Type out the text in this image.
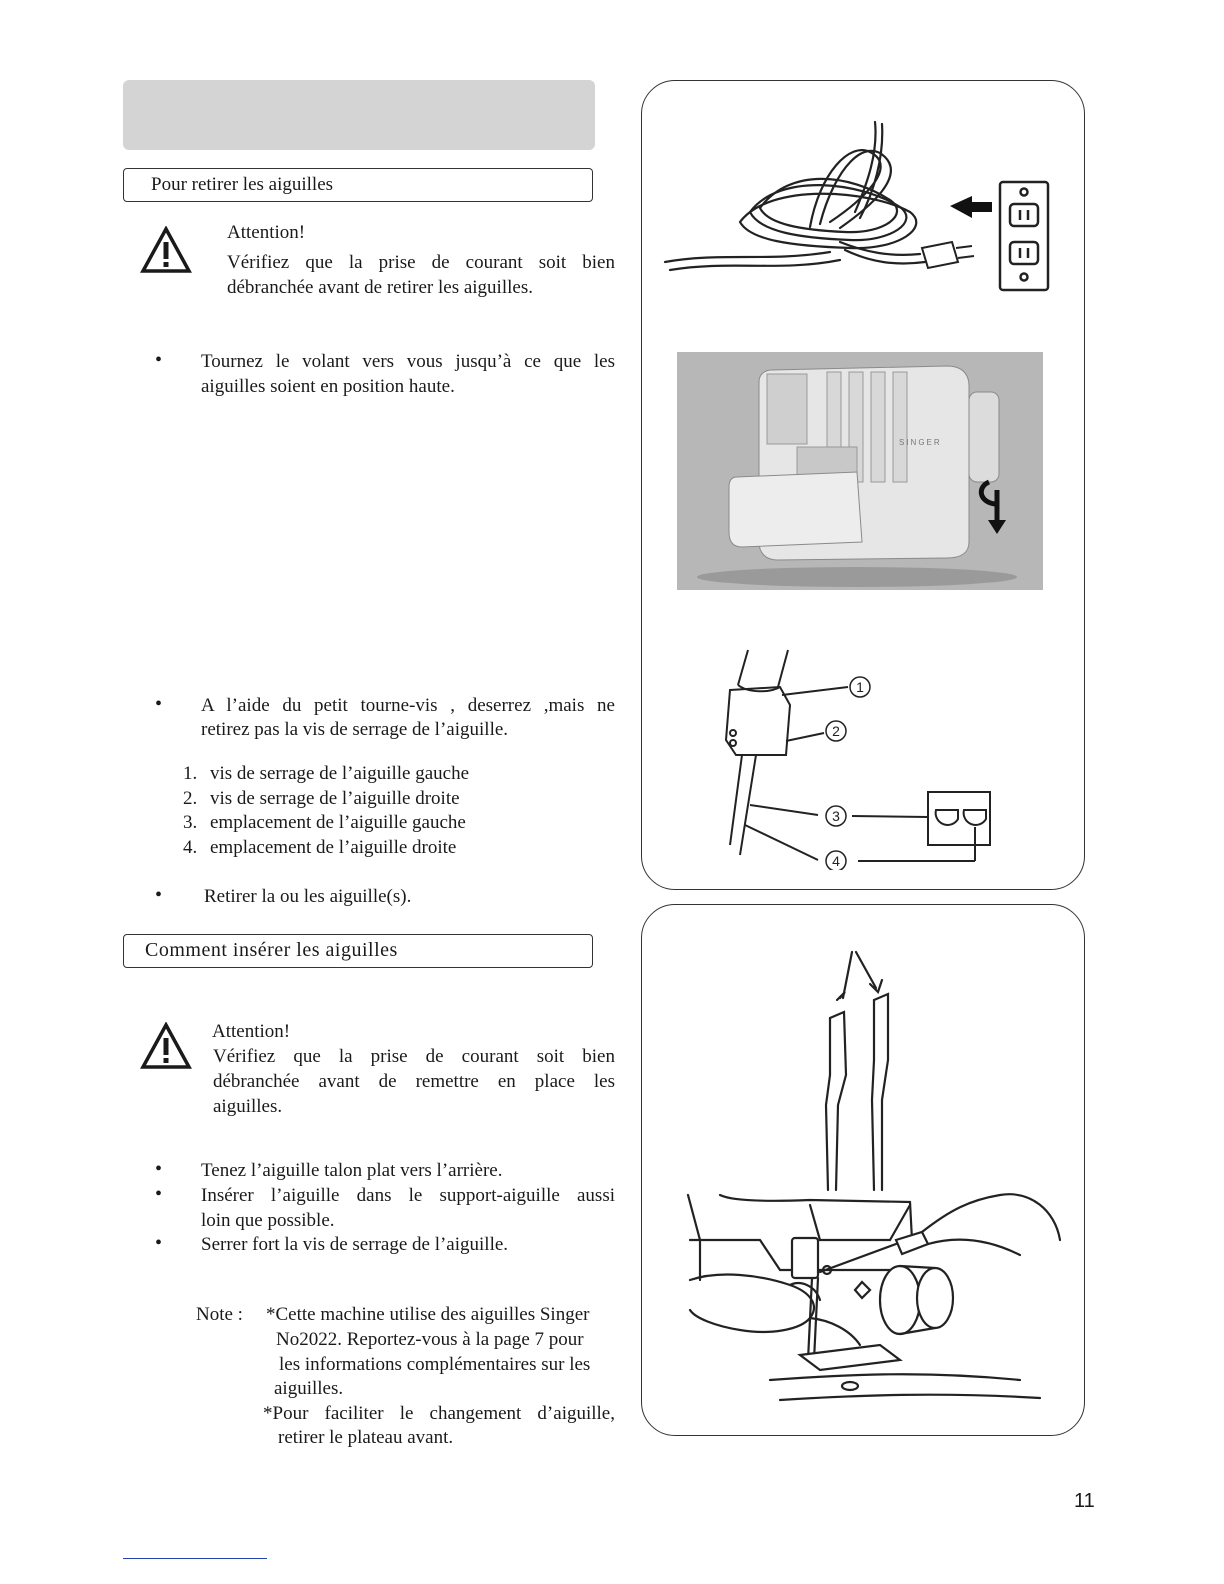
Pour retirer les aiguilles
Attention!
Vérifiez que la prise de courant soit bien
débranchée avant de retirer les aiguilles.
• Tournez le volant vers vous jusqu’à ce que les
aiguilles soient en position haute.
• A l’aide du petit tourne-vis , deserrez ,mais ne
retirez pas la vis de serrage de l’aiguille.
1. vis de serrage de l’aiguille gauche
2. vis de serrage de l’aiguille droite
3. emplacement de l’aiguille gauche
4. emplacement de l’aiguille droite
• Retirer la ou les aiguille(s).
Comment insérer les aiguilles
Attention!
Vérifiez que la prise de courant soit bien
débranchée avant de remettre en place les
aiguilles.
• Tenez l’aiguille talon plat vers l’arrière.
• Insérer l’aiguille dans le support-aiguille aussi
loin que possible.
• Serrer fort la vis de serrage de l’aiguille.
Note : *Cette machine utilise des aiguilles Singer
No2022. Reportez-vous à la page 7 pour
les informations complémentaires sur les
aiguilles.
*Pour faciliter le changement d’aiguille,
retirer le plateau avant.
SINGER
1
2
3
4
11
